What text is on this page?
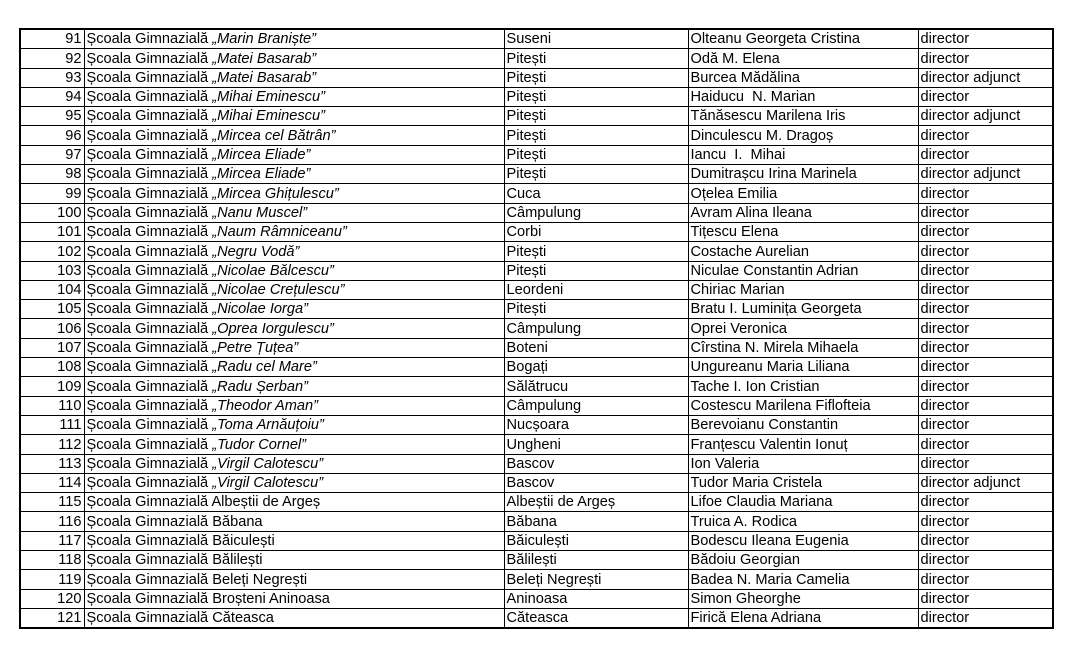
91	Școala Gimnazială „Marin Braniște”	Suseni	Olteanu Georgeta Cristina	director
92	Școala Gimnazială „Matei Basarab”	Pitești	Odă M. Elena	director
93	Școala Gimnazială „Matei Basarab”	Pitești	Burcea Mădălina	director adjunct
94	Școala Gimnazială „Mihai Eminescu”	Pitești	Haiducu  N. Marian	director
95	Școala Gimnazială „Mihai Eminescu”	Pitești	Tănăsescu Marilena Iris	director adjunct
96	Școala Gimnazială „Mircea cel Bătrân”	Pitești	Dinculescu M. Dragoș	director
97	Școala Gimnazială „Mircea Eliade”	Pitești	Iancu  I.  Mihai	director
98	Școala Gimnazială „Mircea Eliade”	Pitești	Dumitrașcu Irina Marinela	director adjunct
99	Școala Gimnazială „Mircea Ghițulescu”	Cuca	Oțelea Emilia	director
100	Școala Gimnazială „Nanu Muscel”	Câmpulung	Avram Alina Ileana	director
101	Școala Gimnazială „Naum Râmniceanu”	Corbi	Tițescu Elena	director
102	Școala Gimnazială „Negru Vodă”	Pitești	Costache Aurelian	director
103	Școala Gimnazială „Nicolae Bălcescu”	Pitești	Niculae Constantin Adrian	director
104	Școala Gimnazială „Nicolae Crețulescu”	Leordeni	Chiriac Marian	director
105	Școala Gimnazială „Nicolae Iorga”	Pitești	Bratu I. Luminița Georgeta	director
106	Școala Gimnazială „Oprea Iorgulescu”	Câmpulung	Oprei Veronica	director
107	Școala Gimnazială „Petre Țuțea”	Boteni	Cîrstina N. Mirela Mihaela	director
108	Școala Gimnazială „Radu cel Mare”	Bogați	Ungureanu Maria Liliana	director
109	Școala Gimnazială „Radu Șerban”	Sălătrucu	Tache I. Ion Cristian	director
110	Școala Gimnazială „Theodor Aman”	Câmpulung	Costescu Marilena Fiflofteia	director
111	Școala Gimnazială „Toma Arnăuțoiu”	Nucșoara	Berevoianu Constantin	director
112	Școala Gimnazială „Tudor Cornel”	Ungheni	Franțescu Valentin Ionuț	director
113	Școala Gimnazială „Virgil Calotescu”	Bascov	Ion Valeria	director
114	Școala Gimnazială „Virgil Calotescu”	Bascov	Tudor Maria Cristela	director adjunct
115	Școala Gimnazială Albeștii de Argeș	Albeștii de Argeș	Lifoe Claudia Mariana	director
116	Școala Gimnazială Băbana	Băbana	Truica A. Rodica	director
117	Școala Gimnazială Băiculești	Băiculești	Bodescu Ileana Eugenia	director
118	Școala Gimnazială Bălilești	Bălilești	Bădoiu Georgian	director
119	Școala Gimnazială Beleți Negrești	Beleți Negrești	Badea N. Maria Camelia	director
120	Școala Gimnazială Broșteni Aninoasa	Aninoasa	Simon Gheorghe	director
121	Școala Gimnazială Căteasca	Căteasca	Firică Elena Adriana	director
